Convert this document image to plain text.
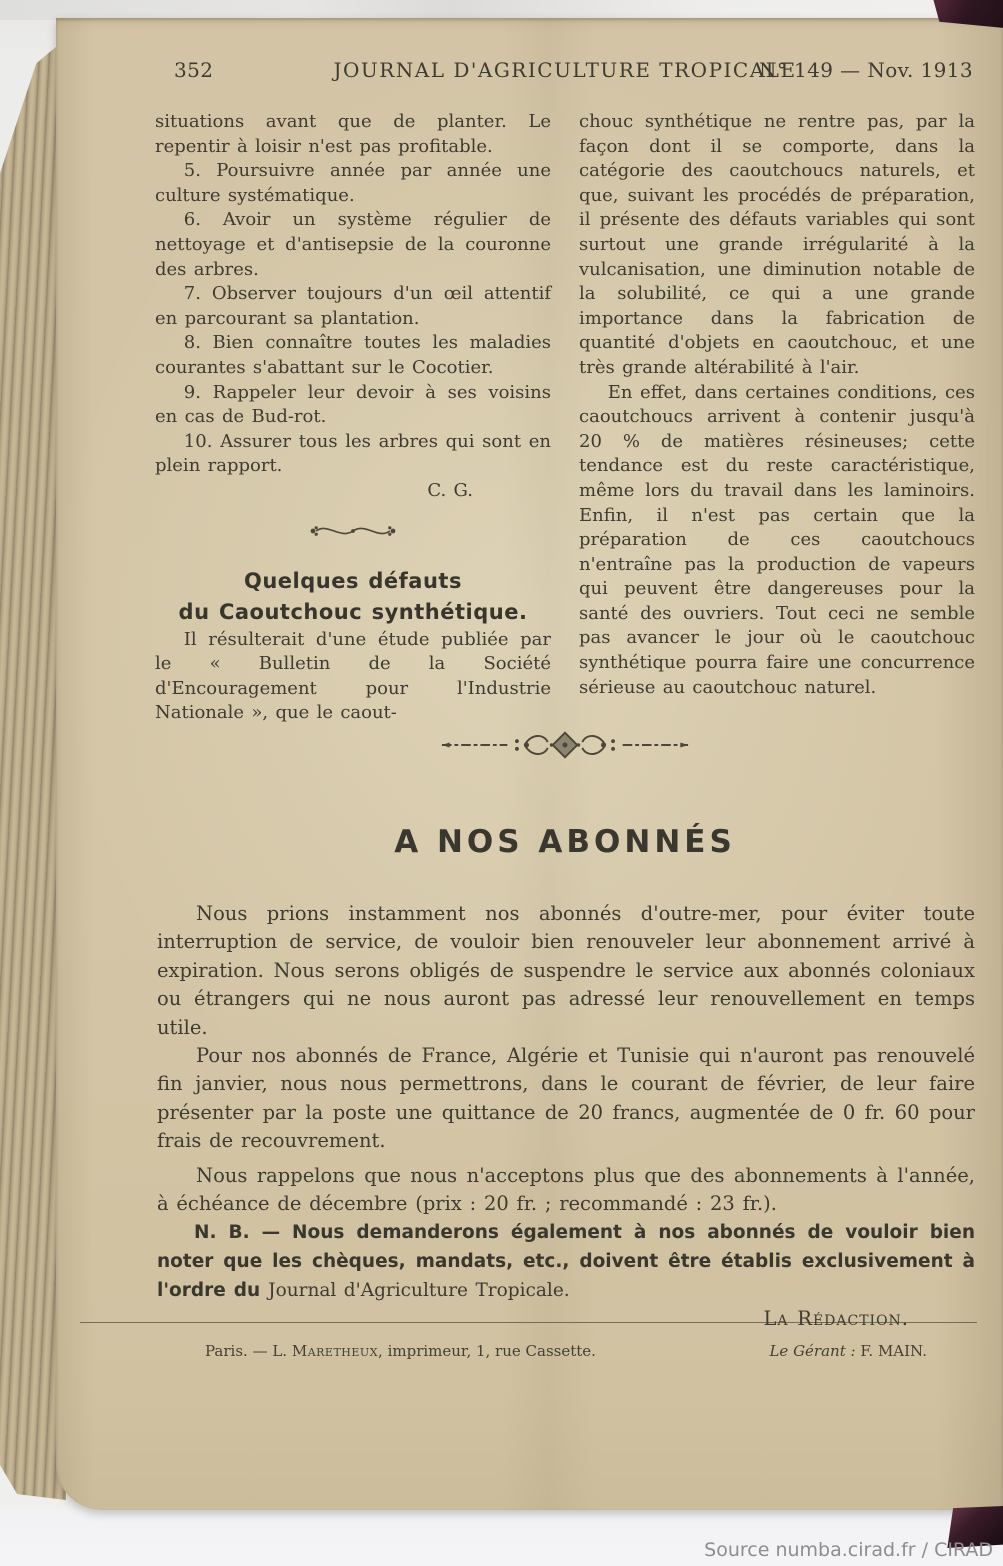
352	JOURNAL D'AGRICULTURE TROPICALE
N° 149 — Nov. 1913

situations avant que de planter. Le repentir à loisir n'est pas profitable.

5. Poursuivre année par année une culture systématique.

6. Avoir un système régulier de nettoyage et d'antisepsie de la couronne des arbres.

7. Observer toujours d'un œil attentif en parcourant sa plantation.

8. Bien connaître toutes les maladies courantes s'abattant sur le Cocotier.

9. Rappeler leur devoir à ses voisins en cas de Bud-rot.

10. Assurer tous les arbres qui sont en plein rapport.

C. G.

Quelques défauts
du Caoutchouc synthétique.

Il résulterait d'une étude publiée par le « Bulletin de la Société d'Encouragement pour l'Industrie Nationale », que le caout-

chouc synthétique ne rentre pas, par la façon dont il se comporte, dans la catégorie des caoutchoucs naturels, et que, suivant les procédés de préparation, il présente des défauts variables qui sont surtout une grande irrégularité à la vulcanisation, une diminution notable de la solubilité, ce qui a une grande importance dans la fabrication de quantité d'objets en caoutchouc, et une très grande altérabilité à l'air.

En effet, dans certaines conditions, ces caoutchoucs arrivent à contenir jusqu'à 20 % de matières résineuses; cette tendance est du reste caractéristique, même lors du travail dans les laminoirs. Enfin, il n'est pas certain que la préparation de ces caoutchoucs n'entraîne pas la production de vapeurs qui peuvent être dangereuses pour la santé des ouvriers. Tout ceci ne semble pas avancer le jour où le caoutchouc synthétique pourra faire une concurrence sérieuse au caoutchouc naturel.

A NOS ABONNÉS

Nous prions instamment nos abonnés d'outre-mer, pour éviter toute interruption de service, de vouloir bien renouveler leur abonnement arrivé à expiration. Nous serons obligés de suspendre le service aux abonnés coloniaux ou étrangers qui ne nous auront pas adressé leur renouvellement en temps utile.

Pour nos abonnés de France, Algérie et Tunisie qui n'auront pas renouvelé fin janvier, nous nous permettrons, dans le courant de février, de leur faire présenter par la poste une quittance de 20 francs, augmentée de 0 fr. 60 pour frais de recouvrement.

Nous rappelons que nous n'acceptons plus que des abonnements à l'année, à échéance de décembre (prix : 20 fr. ; recommandé : 23 fr.).

N. B. — Nous demanderons également à nos abonnés de vouloir bien noter que les chèques, mandats, etc., doivent être établis exclusivement à l'ordre du Journal d'Agriculture Tropicale.

La Rédaction.

Paris. — L. Maretheux, imprimeur, 1, rue Cassette.	Le Gérant : F. MAIN.
Source numba.cirad.fr / CIRAD
